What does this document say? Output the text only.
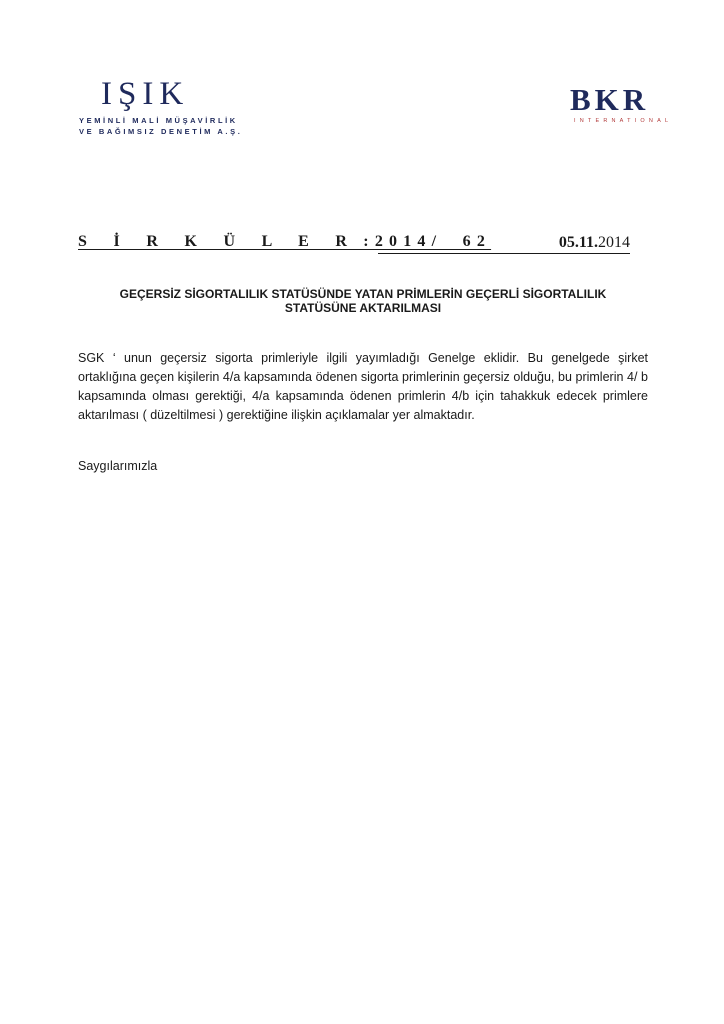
IŞIK
YEMİNLİ MALİ MÜŞAVİRLİK
VE BAĞIMSIZ DENETİM A.Ş.
BKR
INTERNATIONAL
S  İ  R  K  Ü  L  E  R :2014/  62	05.11.2014
GEÇERSİZ SİGORTALILIK STATÜSÜNDE YATAN PRİMLERİN GEÇERLİ SİGORTALILIK
STATÜSÜNE AKTARILMASI

SGK ‘ unun geçersiz sigorta primleriyle ilgili yayımladığı Genelge eklidir. Bu genelgede şirket ortaklığına geçen kişilerin 4/a kapsamında ödenen sigorta primlerinin geçersiz olduğu, bu primlerin 4/ b kapsamında olması gerektiği, 4/a kapsamında ödenen primlerin 4/b için tahakkuk edecek primlere aktarılması ( düzeltilmesi ) gerektiğine ilişkin açıklamalar yer almaktadır.

Saygılarımızla
